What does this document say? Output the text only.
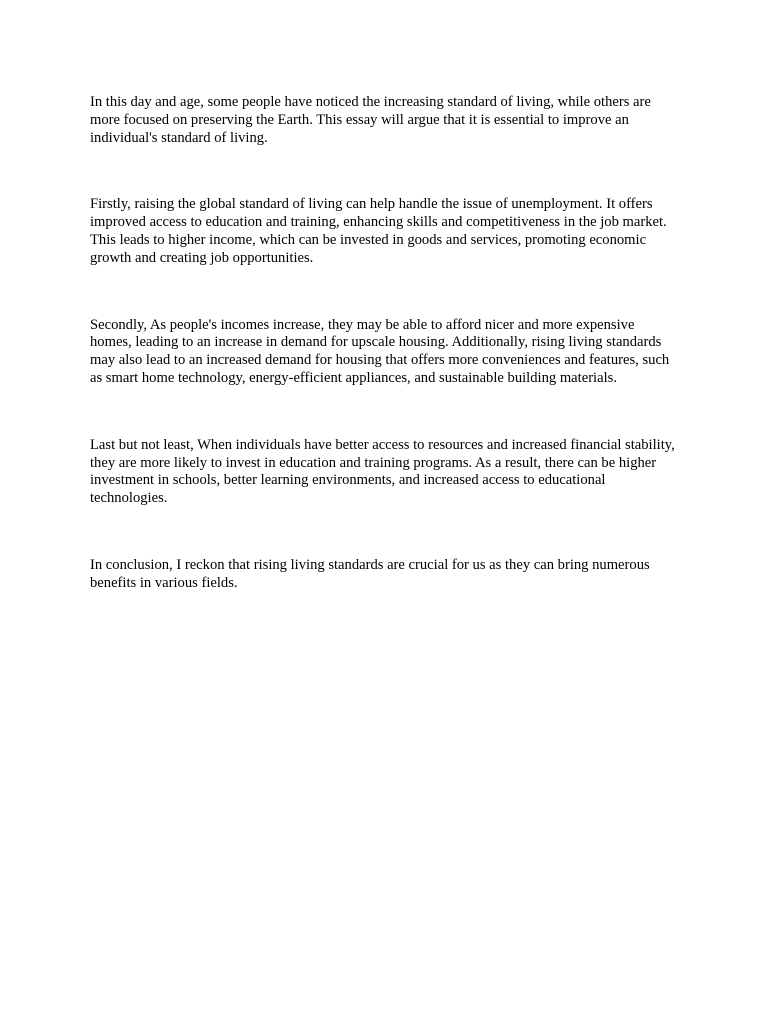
In this day and age, some people have noticed the increasing standard of living, while others are more focused on preserving the Earth. This essay will argue that it is essential to improve an individual's standard of living.

Firstly, raising the global standard of living can help handle the issue of unemployment. It offers improved access to education and training, enhancing skills and competitiveness in the job market. This leads to higher income, which can be invested in goods and services, promoting economic growth and creating job opportunities.

Secondly, As people's incomes increase, they may be able to afford nicer and more expensive homes, leading to an increase in demand for upscale housing. Additionally, rising living standards may also lead to an increased demand for housing that offers more conveniences and features, such as smart home technology, energy-efficient appliances, and sustainable building materials.

Last but not least, When individuals have better access to resources and increased financial stability, they are more likely to invest in education and training programs. As a result, there can be higher investment in schools, better learning environments, and increased access to educational technologies.

In conclusion, I reckon that rising living standards are crucial for us as they can bring numerous benefits in various fields.
